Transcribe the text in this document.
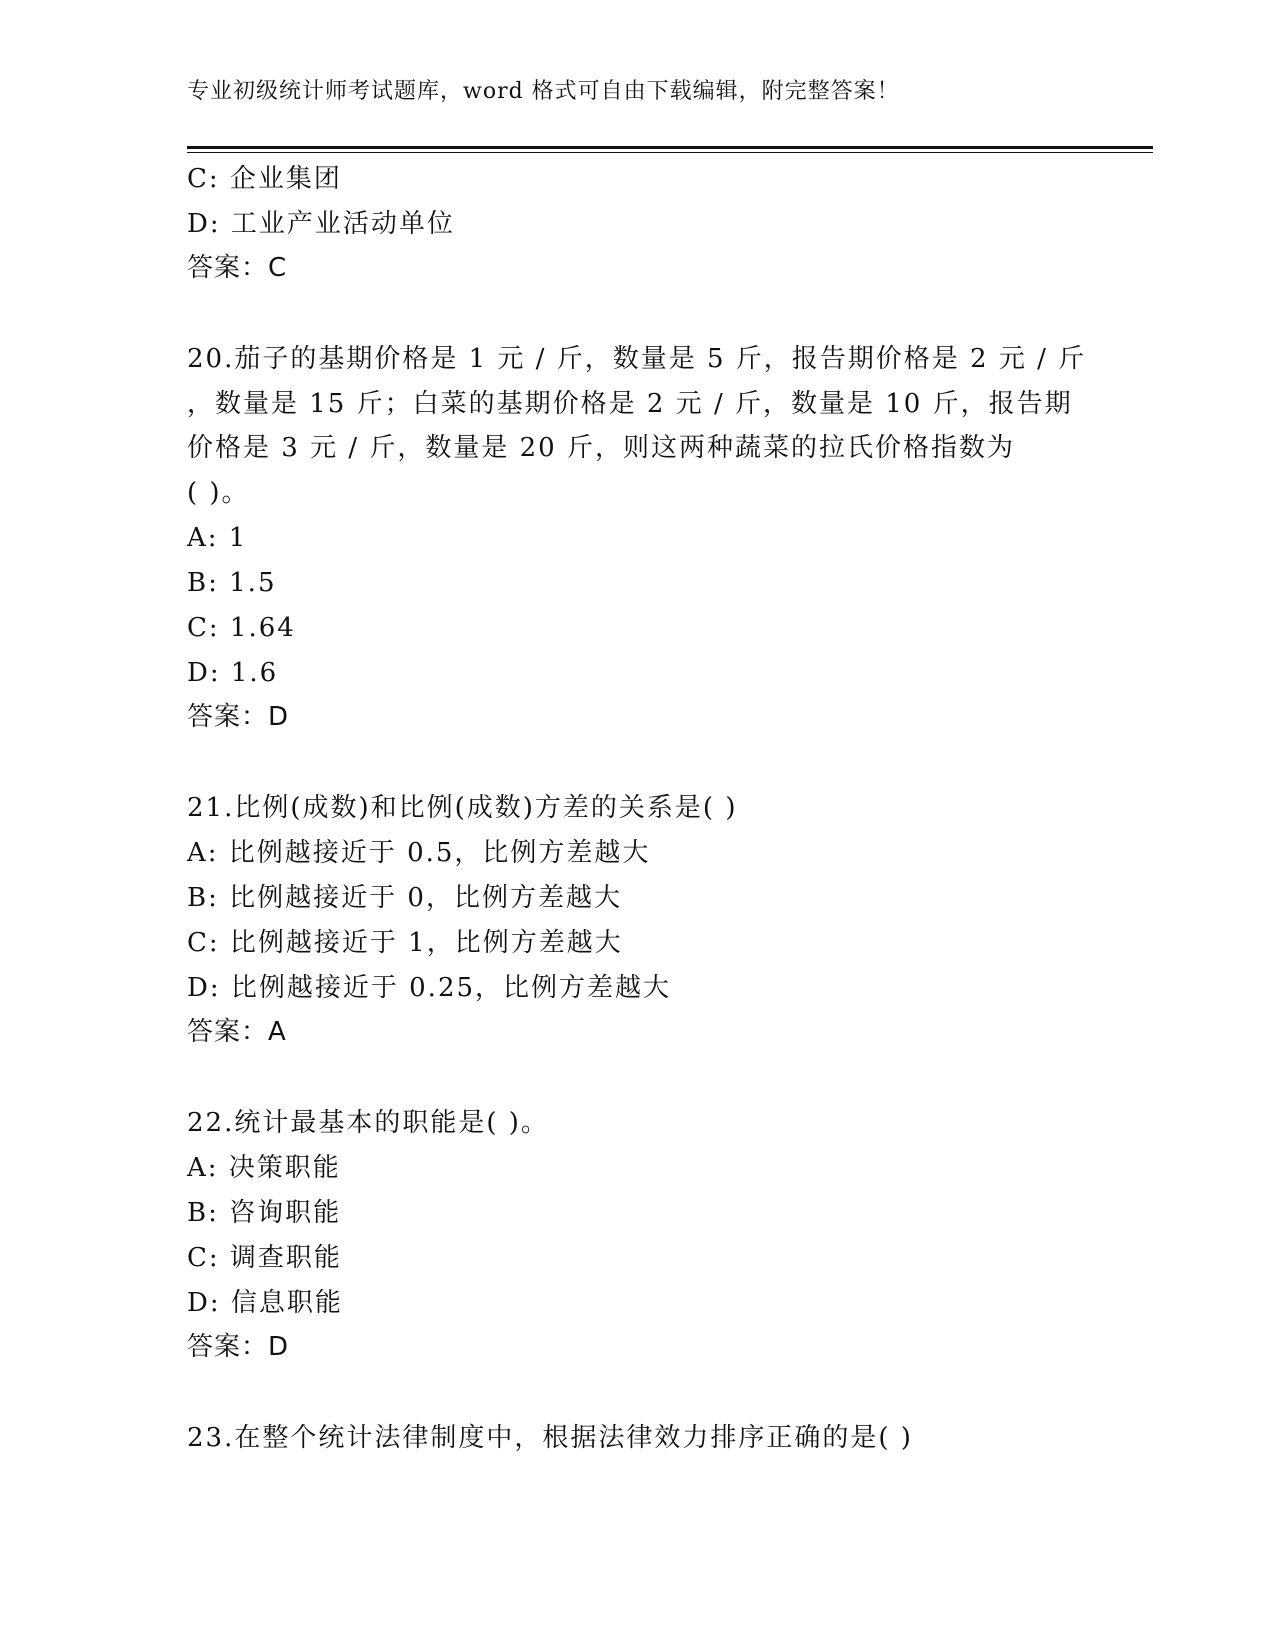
专业初级统计师考试题库，word 格式可自由下载编辑，附完整答案！
C: 企业集团
D: 工业产业活动单位
答案：C
20.茄子的基期价格是 1 元 / 斤，数量是 5 斤，报告期价格是 2 元 / 斤
，数量是 15 斤；白菜的基期价格是 2 元 / 斤，数量是 10 斤，报告期
价格是 3 元 / 斤，数量是 20 斤，则这两种蔬菜的拉氏价格指数为
( )。
A: 1
B: 1.5
C: 1.64
D: 1.6
答案：D
21.比例(成数)和比例(成数)方差的关系是( )
A: 比例越接近于 0.5，比例方差越大
B: 比例越接近于 0，比例方差越大
C: 比例越接近于 1，比例方差越大
D: 比例越接近于 0.25，比例方差越大
答案：A
22.统计最基本的职能是( )。
A: 决策职能
B: 咨询职能
C: 调查职能
D: 信息职能
答案：D
23.在整个统计法律制度中，根据法律效力排序正确的是( )
